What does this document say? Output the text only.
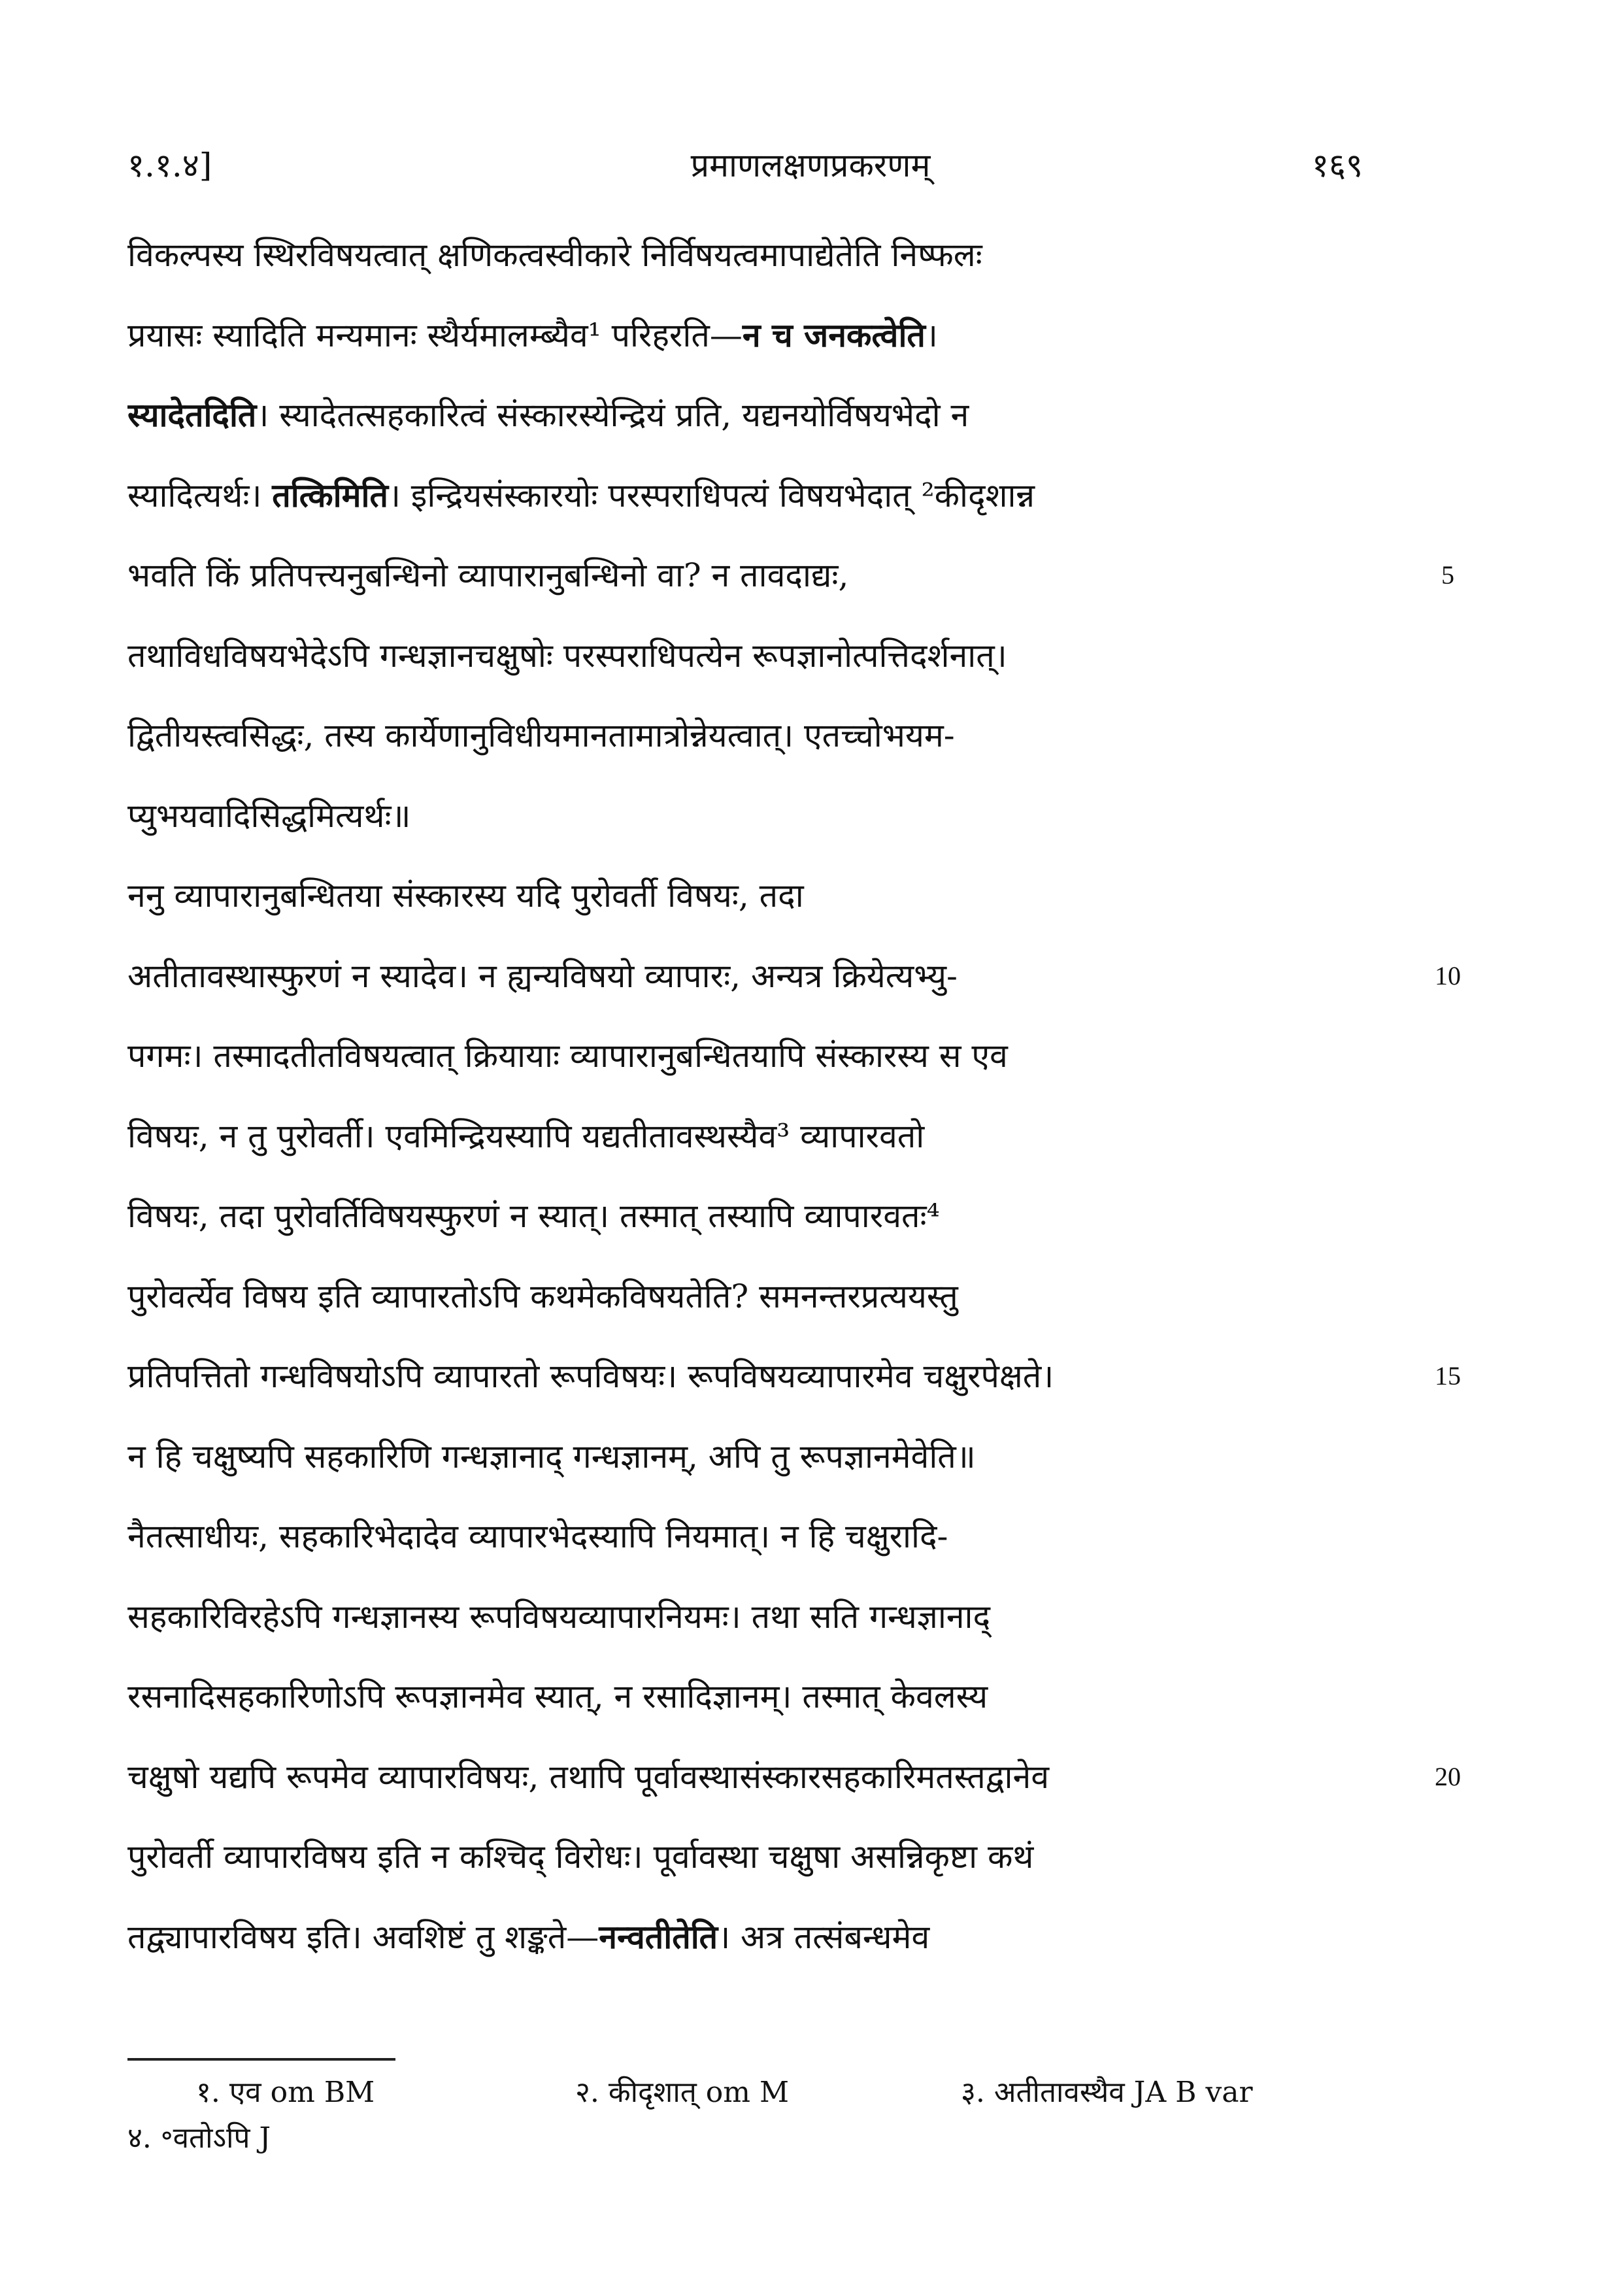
१.१.४]	प्रमाणलक्षणप्रकरणम्	१६९
विकल्पस्य स्थिरविषयत्वात् क्षणिकत्वस्वीकारे निर्विषयत्वमापाद्येतेति निष्फलः
प्रयासः स्यादिति मन्यमानः स्थैर्यमालम्ब्यैव¹ परिहरति—न च जनकत्वेति।
स्यादेतदिति। स्यादेतत्सहकारित्वं संस्कारस्येन्द्रियं प्रति, यद्यनयोर्विषयभेदो न
स्यादित्यर्थः। तत्किमिति। इन्द्रियसंस्कारयोः परस्पराधिपत्यं विषयभेदात् ²कीदृशान्न
भवति किं प्रतिपत्त्यनुबन्धिनो व्यापारानुबन्धिनो वा? न तावदाद्यः,	5
तथाविधविषयभेदेऽपि गन्धज्ञानचक्षुषोः परस्पराधिपत्येन रूपज्ञानोत्पत्तिदर्शनात्।
द्वितीयस्त्वसिद्धः, तस्य कार्येणानुविधीयमानतामात्रोन्नेयत्वात्। एतच्चोभयम-
प्युभयवादिसिद्धमित्यर्थः॥
ननु व्यापारानुबन्धितया संस्कारस्य यदि पुरोवर्ती विषयः, तदा
अतीतावस्थास्फुरणं न स्यादेव। न ह्यन्यविषयो व्यापारः, अन्यत्र क्रियेत्यभ्यु-	10
पगमः। तस्मादतीतविषयत्वात् क्रियायाः व्यापारानुबन्धितयापि संस्कारस्य स एव
विषयः, न तु पुरोवर्ती। एवमिन्द्रियस्यापि यद्यतीतावस्थस्यैव³ व्यापारवतो
विषयः, तदा पुरोवर्तिविषयस्फुरणं न स्यात्। तस्मात् तस्यापि व्यापारवतः⁴
पुरोवर्त्येव विषय इति व्यापारतोऽपि कथमेकविषयतेति? समनन्तरप्रत्ययस्तु
प्रतिपत्तितो गन्धविषयोऽपि व्यापारतो रूपविषयः। रूपविषयव्यापारमेव चक्षुरपेक्षते।	15
न हि चक्षुष्यपि सहकारिणि गन्धज्ञानाद् गन्धज्ञानम्, अपि तु रूपज्ञानमेवेति॥
नैतत्साधीयः, सहकारिभेदादेव व्यापारभेदस्यापि नियमात्। न हि चक्षुरादि-
सहकारिविरहेऽपि गन्धज्ञानस्य रूपविषयव्यापारनियमः। तथा सति गन्धज्ञानाद्
रसनादिसहकारिणोऽपि रूपज्ञानमेव स्यात्, न रसादिज्ञानम्। तस्मात् केवलस्य
चक्षुषो यद्यपि रूपमेव व्यापारविषयः, तथापि पूर्वावस्थासंस्कारसहकारिमतस्तद्वानेव	20
पुरोवर्ती व्यापारविषय इति न कश्चिद् विरोधः। पूर्वावस्था चक्षुषा असन्निकृष्टा कथं
तद्व्यापारविषय इति। अवशिष्टं तु शङ्कते—नन्वतीतेति। अत्र तत्संबन्धमेव
१. एव om BM	२. कीदृशात् om M	३. अतीतावस्थैव JA B var
४. ॰वतोऽपि J
